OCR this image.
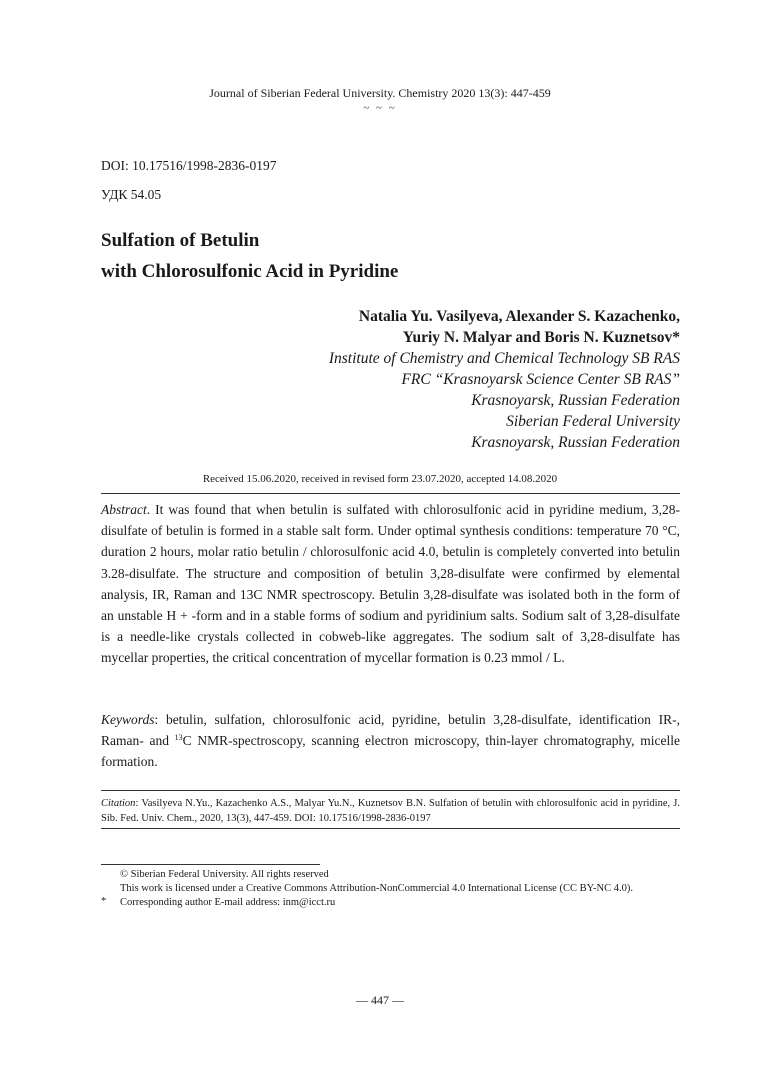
Journal of Siberian Federal University. Chemistry 2020 13(3): 447-459
~ ~ ~
DOI: 10.17516/1998-2836-0197
УДК 54.05
Sulfation of Betulin
with Chlorosulfonic Acid in Pyridine
Natalia Yu. Vasilyeva, Alexander S. Kazachenko,
Yuriy N. Malyar and Boris N. Kuznetsov*
Institute of Chemistry and Chemical Technology SB RAS
FRC “Krasnoyarsk Science Center SB RAS”
Krasnoyarsk, Russian Federation
Siberian Federal University
Krasnoyarsk, Russian Federation
Received 15.06.2020, received in revised form 23.07.2020, accepted 14.08.2020
Abstract. It was found that when betulin is sulfated with chlorosulfonic acid in pyridine medium, 3,28-disulfate of betulin is formed in a stable salt form. Under optimal synthesis conditions: temperature 70 °C, duration 2 hours, molar ratio betulin / chlorosulfonic acid 4.0, betulin is completely converted into betulin 3.28-disulfate. The structure and composition of betulin 3,28-disulfate were confirmed by elemental analysis, IR, Raman and 13C NMR spectroscopy. Betulin 3,28-disulfate was isolated both in the form of an unstable H + -form and in a stable forms of sodium and pyridinium salts. Sodium salt of 3,28-disulfate is a needle-like crystals collected in cobweb-like aggregates. The sodium salt of 3,28-disulfate has mycellar properties, the critical concentration of mycellar formation is 0.23 mmol / L.
Keywords: betulin, sulfation, chlorosulfonic acid, pyridine, betulin 3,28-disulfate, identification IR-, Raman- and $^{13}$C NMR-spectroscopy, scanning electron microscopy, thin-layer chromatography, micelle formation.
Citation: Vasilyeva N.Yu., Kazachenko A.S., Malyar Yu.N., Kuznetsov B.N. Sulfation of betulin with chlorosulfonic acid in pyridine, J. Sib. Fed. Univ. Chem., 2020, 13(3), 447-459. DOI: 10.17516/1998-2836-0197
© Siberian Federal University. All rights reserved
This work is licensed under a Creative Commons Attribution-NonCommercial 4.0 International License (CC BY-NC 4.0).
* Corresponding author E-mail address: inm@icct.ru
— 447 —
